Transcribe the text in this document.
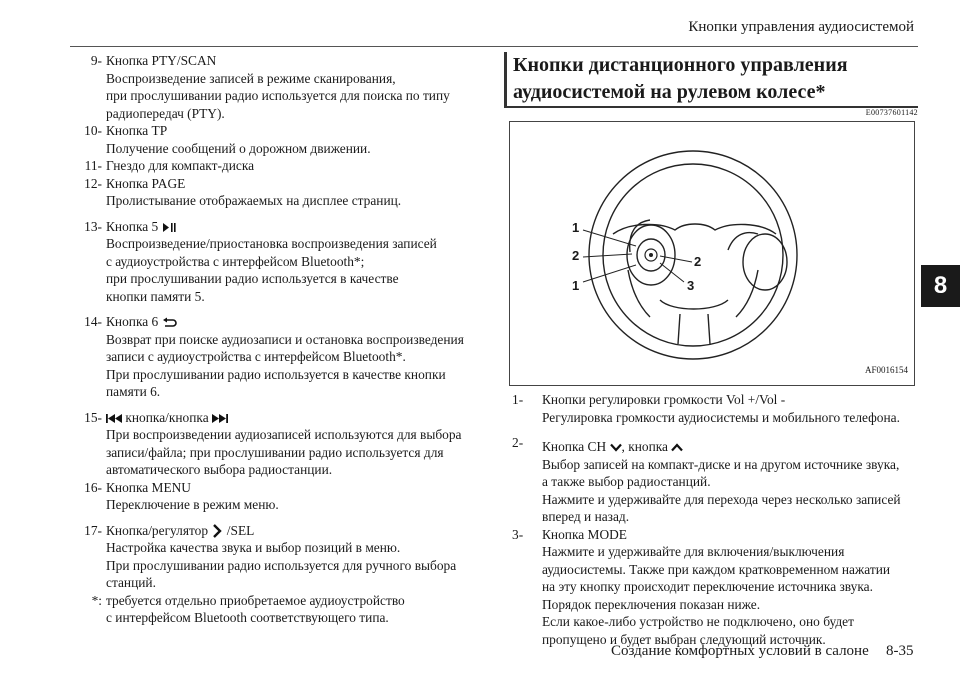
Кнопки управления аудиосистемой
8
9- Кнопка PTY/SCAN
Воспроизведение записей в режиме сканирования,
при прослушивании радио используется для поиска по типу
радиопередач (PTY).
10- Кнопка TP
Получение сообщений о дорожном движении.
11- Гнездо для компакт-диска
12- Кнопка PAGE
Пролистывание отображаемых на дисплее страниц.
13- Кнопка 5
Воспроизведение/приостановка воспроизведения записей
с аудиоустройства с интерфейсом Bluetooth*;
при прослушивании радио используется в качестве
кнопки памяти 5.
14- Кнопка 6
Возврат при поиске аудиозаписи и остановка воспроизведения
записи с аудиоустройства с интерфейсом Bluetooth*.
При прослушивании радио используется в качестве кнопки
памяти 6.
15-	кнопка/кнопка
При воспроизведении аудиозаписей используются для выбора
записи/файла; при прослушивании радио используется для
автоматического выбора радиостанции.
16- Кнопка MENU
Переключение в режим меню.
17- Кнопка/регулятор /SEL
Настройка качества звука и выбор позиций в меню.
При прослушивании радио используется для ручного выбора
станций.
*: требуется отдельно приобретаемое аудиоустройство
с интерфейсом Bluetooth соответствующего типа.
Кнопки дистанционного управления
аудиосистемой на рулевом колесе*
E00737601142
1
2
1
2
3
AF0016154
1-	Кнопки регулировки громкости Vol +/Vol -
Регулировка громкости аудиосистемы и мобильного телефона.
2-	Кнопка CH , кнопка
Выбор записей на компакт-диске и на другом источнике звука,
а также выбор радиостанций.
Нажмите и удерживайте для перехода через несколько записей
вперед и назад.
3-	Кнопка MODE
Нажмите и удерживайте для включения/выключения
аудиосистемы. Также при каждом кратковременном нажатии
на эту кнопку происходит переключение источника звука.
Порядок переключения показан ниже.
Если какое-либо устройство не подключено, оно будет
пропущено и будет выбран следующий источник.
Создание комфортных условий в салоне 8-35
